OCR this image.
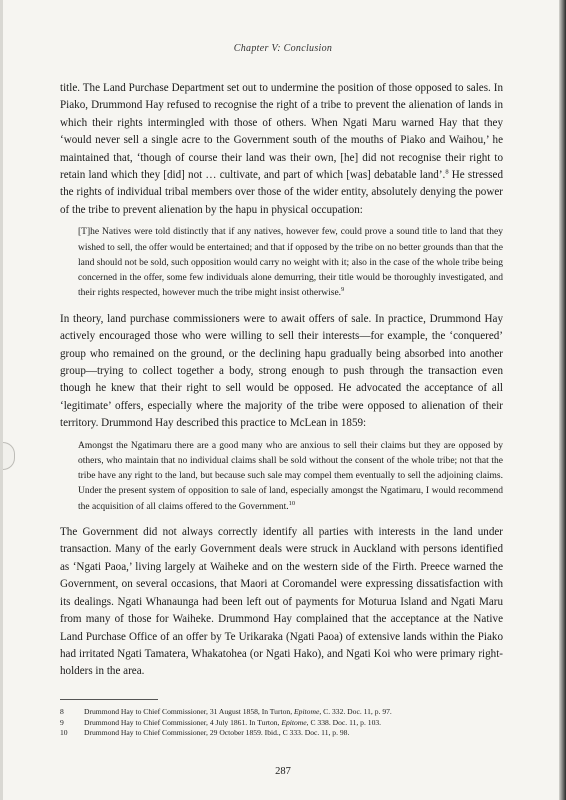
Chapter V: Conclusion

title. The Land Purchase Department set out to undermine the position of those opposed to sales. In Piako, Drummond Hay refused to recognise the right of a tribe to prevent the alienation of lands in which their rights intermingled with those of others. When Ngati Maru warned Hay that they ‘would never sell a single acre to the Government south of the mouths of Piako and Waihou,’ he maintained that, ‘though of course their land was their own, [he] did not recognise their right to retain land which they [did] not … cultivate, and part of which [was] debatable land’.$^8$ He stressed the rights of individual tribal members over those of the wider entity, absolutely denying the power of the tribe to prevent alienation by the hapu in physical occupation:

[T]he Natives were told distinctly that if any natives, however few, could prove a sound title to land that they wished to sell, the offer would be entertained; and that if opposed by the tribe on no better grounds than that the land should not be sold, such opposition would carry no weight with it; also in the case of the whole tribe being concerned in the offer, some few individuals alone demurring, their title would be thoroughly investigated, and their rights respected, however much the tribe might insist otherwise.$^9$

In theory, land purchase commissioners were to await offers of sale. In practice, Drummond Hay actively encouraged those who were willing to sell their interests—for example, the ‘conquered’ group who remained on the ground, or the declining hapu gradually being absorbed into another group—trying to collect together a body, strong enough to push through the transaction even though he knew that their right to sell would be opposed. He advocated the acceptance of all ‘legitimate’ offers, especially where the majority of the tribe were opposed to alienation of their territory. Drummond Hay described this practice to McLean in 1859:

Amongst the Ngatimaru there are a good many who are anxious to sell their claims but they are opposed by others, who maintain that no individual claims shall be sold without the consent of the whole tribe; not that the tribe have any right to the land, but because such sale may compel them eventually to sell the adjoining claims. Under the present system of opposition to sale of land, especially amongst the Ngatimaru, I would recommend the acquisition of all claims offered to the Government.$^{10}$

The Government did not always correctly identify all parties with interests in the land under transaction. Many of the early Government deals were struck in Auckland with persons identified as ‘Ngati Paoa,’ living largely at Waiheke and on the western side of the Firth. Preece warned the Government, on several occasions, that Maori at Coromandel were expressing dissatisfaction with its dealings. Ngati Whanaunga had been left out of payments for Moturua Island and Ngati Maru from many of those for Waiheke. Drummond Hay complained that the acceptance at the Native Land Purchase Office of an offer by Te Urikaraka (Ngati Paoa) of extensive lands within the Piako had irritated Ngati Tamatera, Whakatohea (or Ngati Hako), and Ngati Koi who were primary right-holders in the area.

8	Drummond Hay to Chief Commissioner, 31 August 1858, In Turton, Epitome, C. 332. Doc. 11, p. 97.
9	Drummond Hay to Chief Commissioner, 4 July 1861. In Turton, Epitome, C 338. Doc. 11, p. 103.
10	Drummond Hay to Chief Commissioner, 29 October 1859. Ibid., C 333. Doc. 11, p. 98.
287
